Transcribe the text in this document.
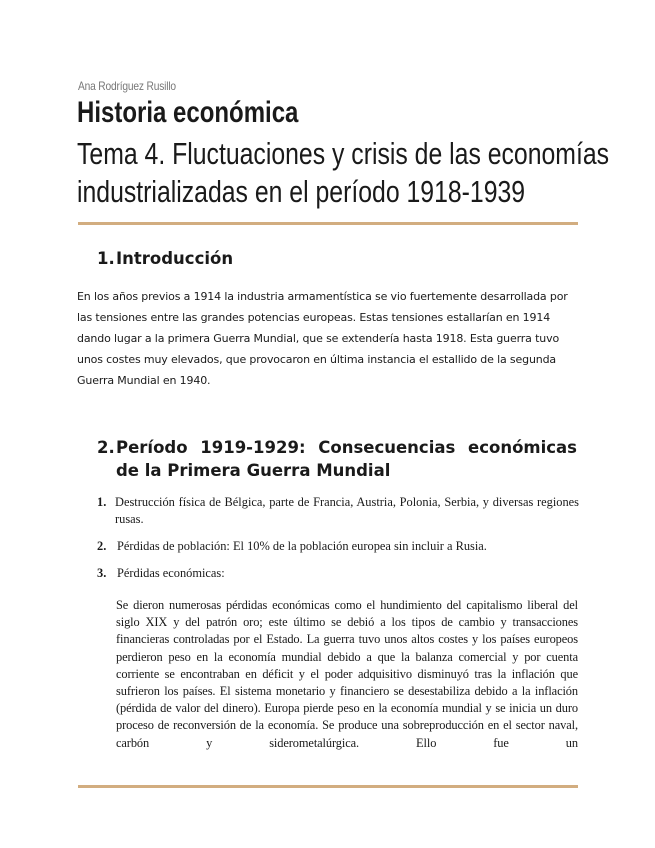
Ana Rodríguez Rusillo
Historia económica
Tema 4. Fluctuaciones y crisis de las economías
industrializadas en el período 1918-1939
1. Introducción

En los años previos a 1914 la industria armamentística se vio fuertemente desarrollada por las tensiones entre las grandes potencias europeas. Estas tensiones estallarían en 1914 dando lugar a la primera Guerra Mundial, que se extendería hasta 1918. Esta guerra tuvo unos costes muy elevados, que provocaron en última instancia el estallido de la segunda Guerra Mundial en 1940.

2. Período 1919-1929: Consecuencias económicas de la Primera Guerra Mundial
1. Destrucción física de Bélgica, parte de Francia, Austria, Polonia, Serbia, y diversas regiones rusas.
2. Pérdidas de población: El 10% de la población europea sin incluir a Rusia.
3. Pérdidas económicas:

Se dieron numerosas pérdidas económicas como el hundimiento del capitalismo liberal del siglo XIX y del patrón oro; este último se debió a los tipos de cambio y transacciones financieras controladas por el Estado. La guerra tuvo unos altos costes y los países europeos perdieron peso en la economía mundial debido a que la balanza comercial y por cuenta corriente se encontraban en déficit y el poder adquisitivo disminuyó tras la inflación que sufrieron los países. El sistema monetario y financiero se desestabiliza debido a la inflación (pérdida de valor del dinero). Europa pierde peso en la economía mundial y se inicia un duro proceso de reconversión de la economía. Se produce una sobreproducción en el sector naval, carbón y siderometalúrgica. Ello fue un
